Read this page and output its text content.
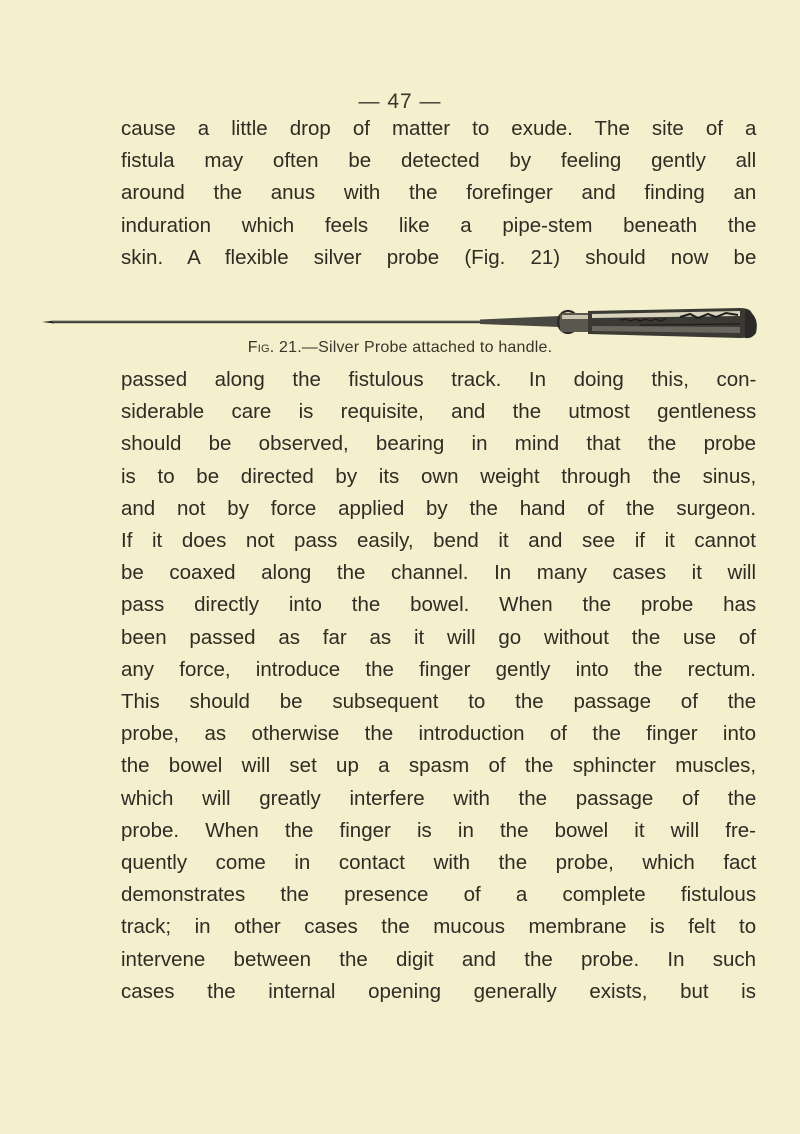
— 47 —
cause a little drop of matter to exude. The site of a
fistula may often be detected by feeling gently all
around the anus with the forefinger and finding an
induration which feels like a pipe-stem beneath the
skin. A flexible silver probe (Fig. 21) should now be
Fig. 21.—Silver Probe attached to handle.
passed along the fistulous track. In doing this, con-
siderable care is requisite, and the utmost gentleness
should be observed, bearing in mind that the probe
is to be directed by its own weight through the sinus,
and not by force applied by the hand of the surgeon.
If it does not pass easily, bend it and see if it cannot
be coaxed along the channel. In many cases it will
pass directly into the bowel. When the probe has
been passed as far as it will go without the use of
any force, introduce the finger gently into the rectum.
This should be subsequent to the passage of the
probe, as otherwise the introduction of the finger into
the bowel will set up a spasm of the sphincter muscles,
which will greatly interfere with the passage of the
probe. When the finger is in the bowel it will fre-
quently come in contact with the probe, which fact
demonstrates the presence of a complete fistulous
track; in other cases the mucous membrane is felt to
intervene between the digit and the probe. In such
cases the internal opening generally exists, but is
